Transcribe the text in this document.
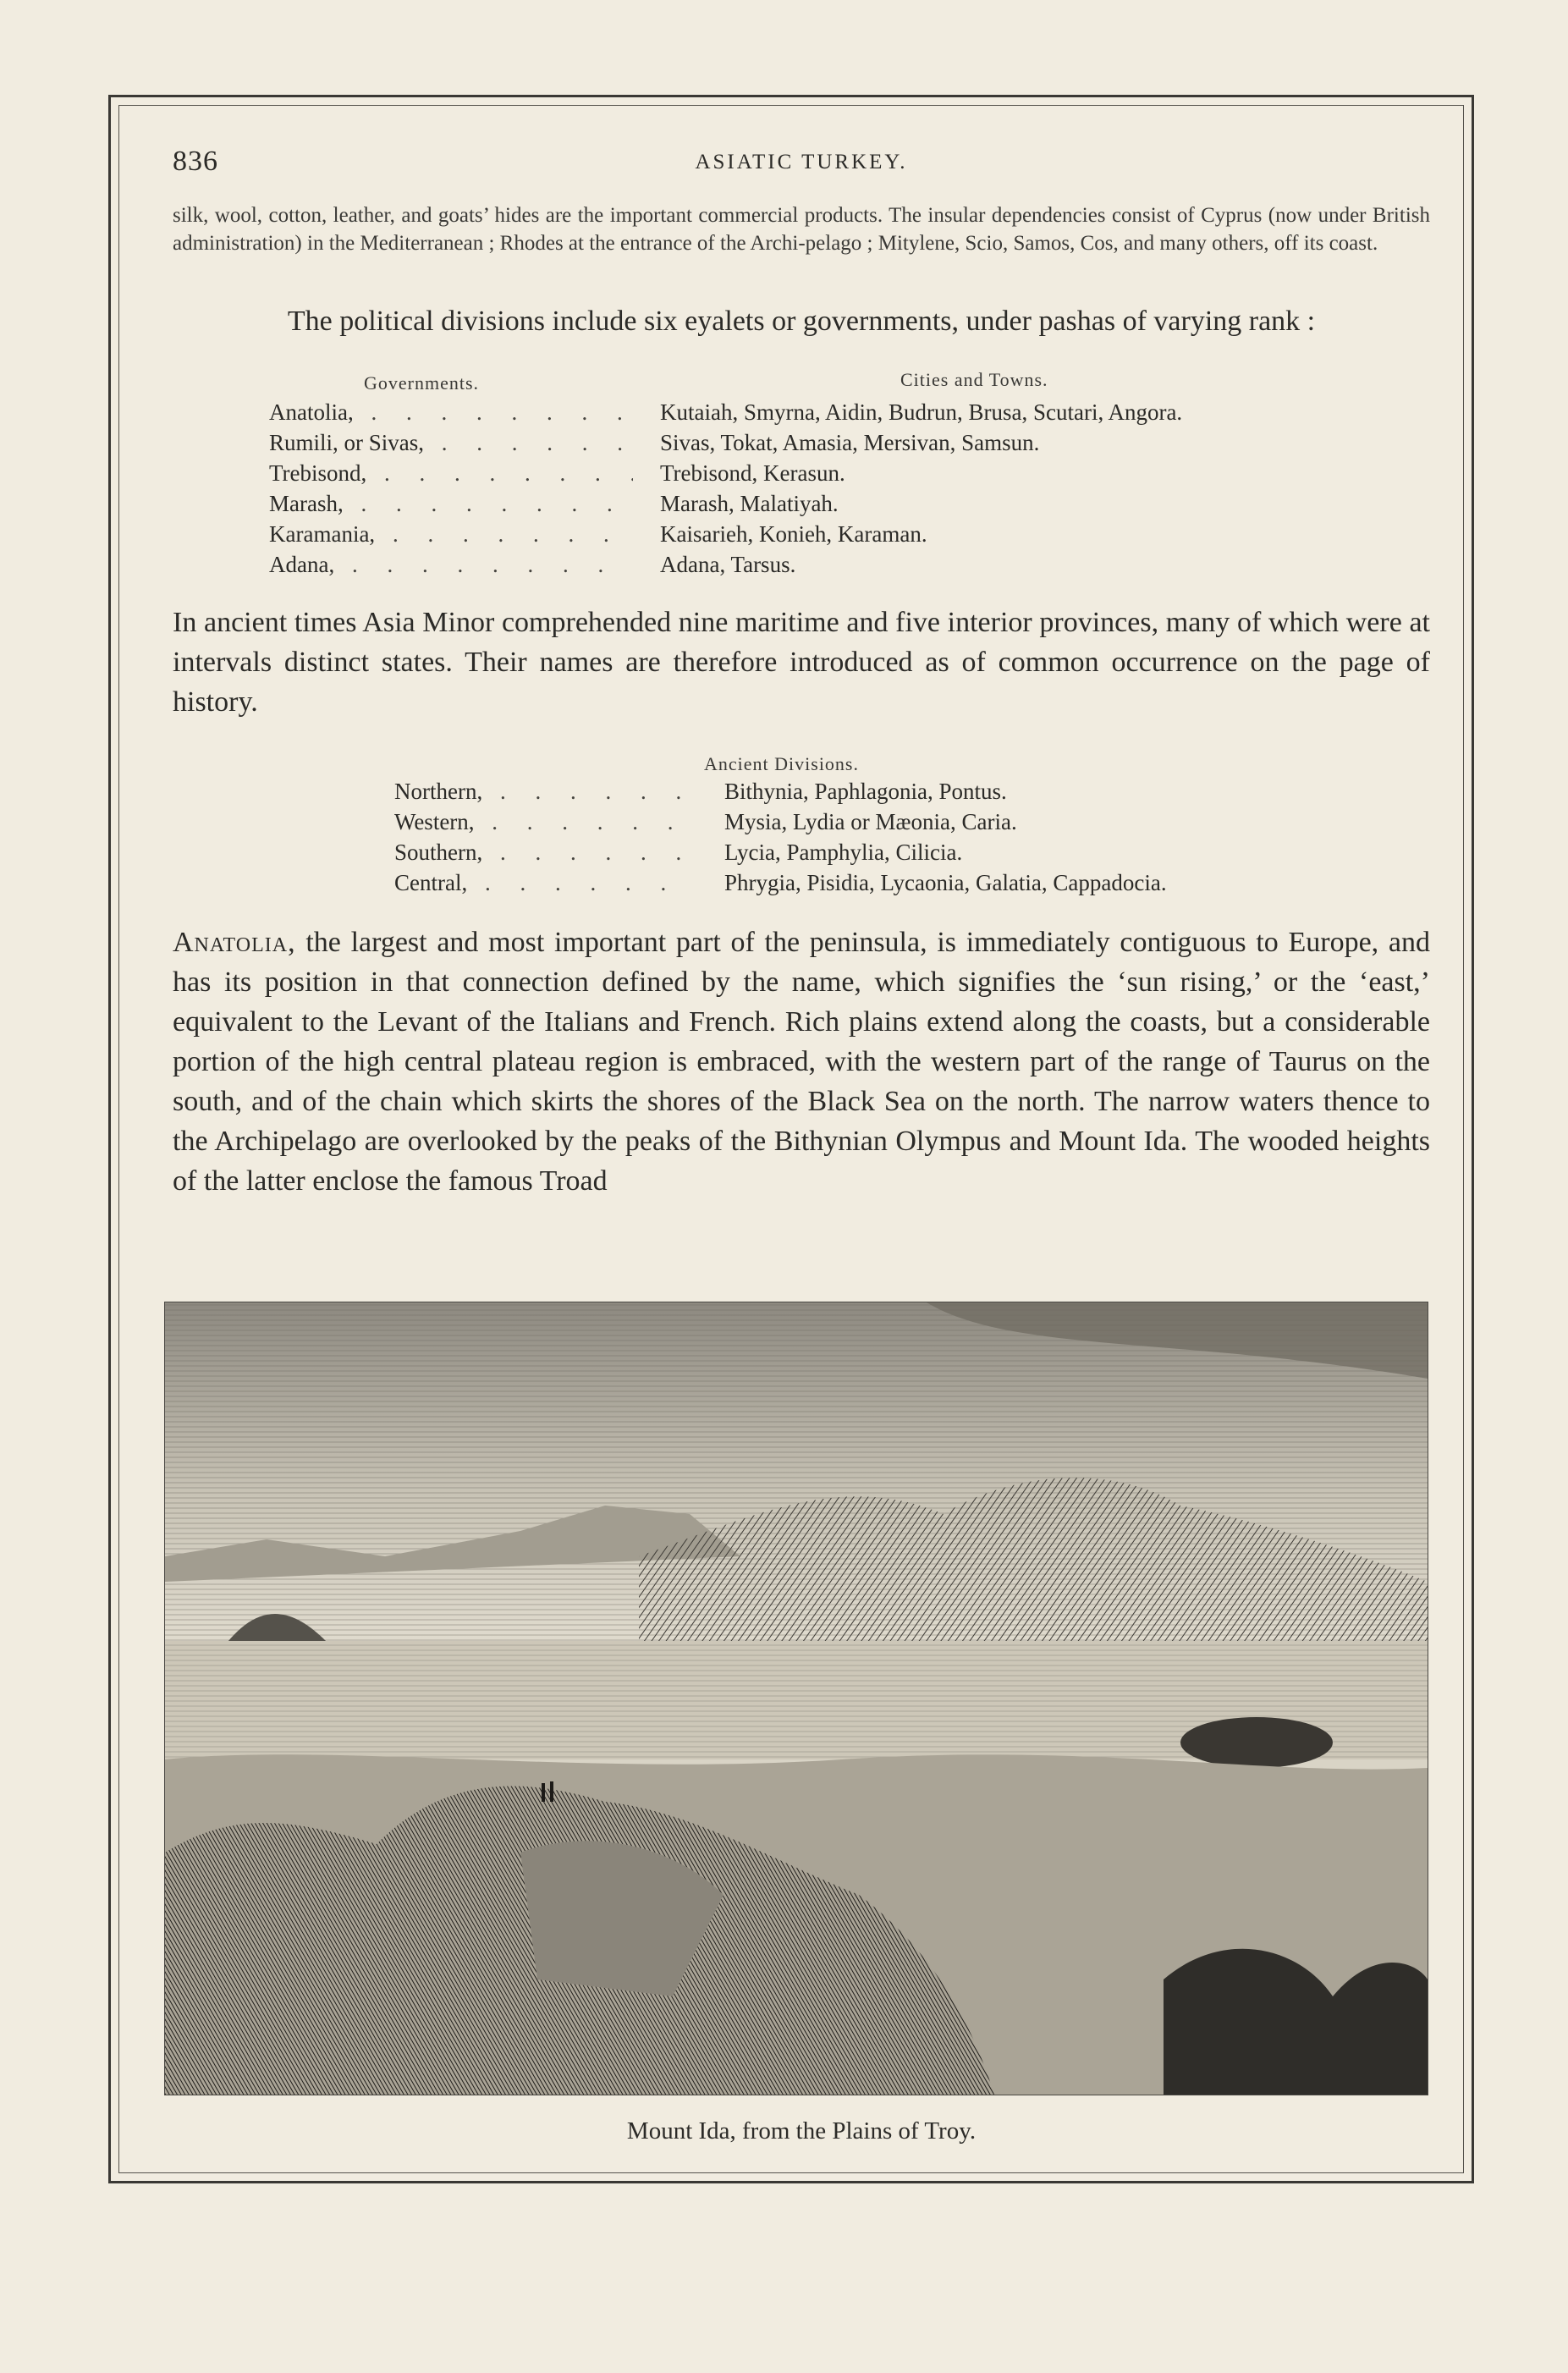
836	ASIATIC TURKEY.

silk, wool, cotton, leather, and goats’ hides are the important commercial products. The insular dependencies consist of Cyprus (now under British administration) in the Mediterranean ; Rhodes at the entrance of the Archi-pelago ; Mitylene, Scio, Samos, Cos, and many others, off its coast.

The political divisions include six eyalets or governments, under pashas of varying rank :

Governments.	Cities and Towns.
Anatolia, . . .	Kutaiah, Smyrna, Aidin, Budrun, Brusa, Scutari, Angora.
Rumili, or Sivas, . . .	Sivas, Tokat, Amasia, Mersivan, Samsun.
Trebisond, . . .	Trebisond, Kerasun.
Marash, . . .	Marash, Malatiyah.
Karamania, . . .	Kaisarieh, Konieh, Karaman.
Adana, . . .	Adana, Tarsus.

In ancient times Asia Minor comprehended nine maritime and five interior provinces, many of which were at intervals distinct states. Their names are therefore introduced as of common occurrence on the page of history.

Ancient Divisions.
Northern, . . .	Bithynia, Paphlagonia, Pontus.
Western, . . .	Mysia, Lydia or Mæonia, Caria.
Southern, . . .	Lycia, Pamphylia, Cilicia.
Central, . . .	Phrygia, Pisidia, Lycaonia, Galatia, Cappadocia.

Anatolia, the largest and most important part of the peninsula, is immediately contiguous to Europe, and has its position in that connection defined by the name, which signifies the ‘sun rising,’ or the ‘east,’ equivalent to the Levant of the Italians and French. Rich plains extend along the coasts, but a considerable portion of the high central plateau region is embraced, with the western part of the range of Taurus on the south, and of the chain which skirts the shores of the Black Sea on the north. The narrow waters thence to the Archipelago are overlooked by the peaks of the Bithynian Olympus and Mount Ida. The wooded heights of the latter enclose the famous Troad

Mount Ida, from the Plains of Troy.
